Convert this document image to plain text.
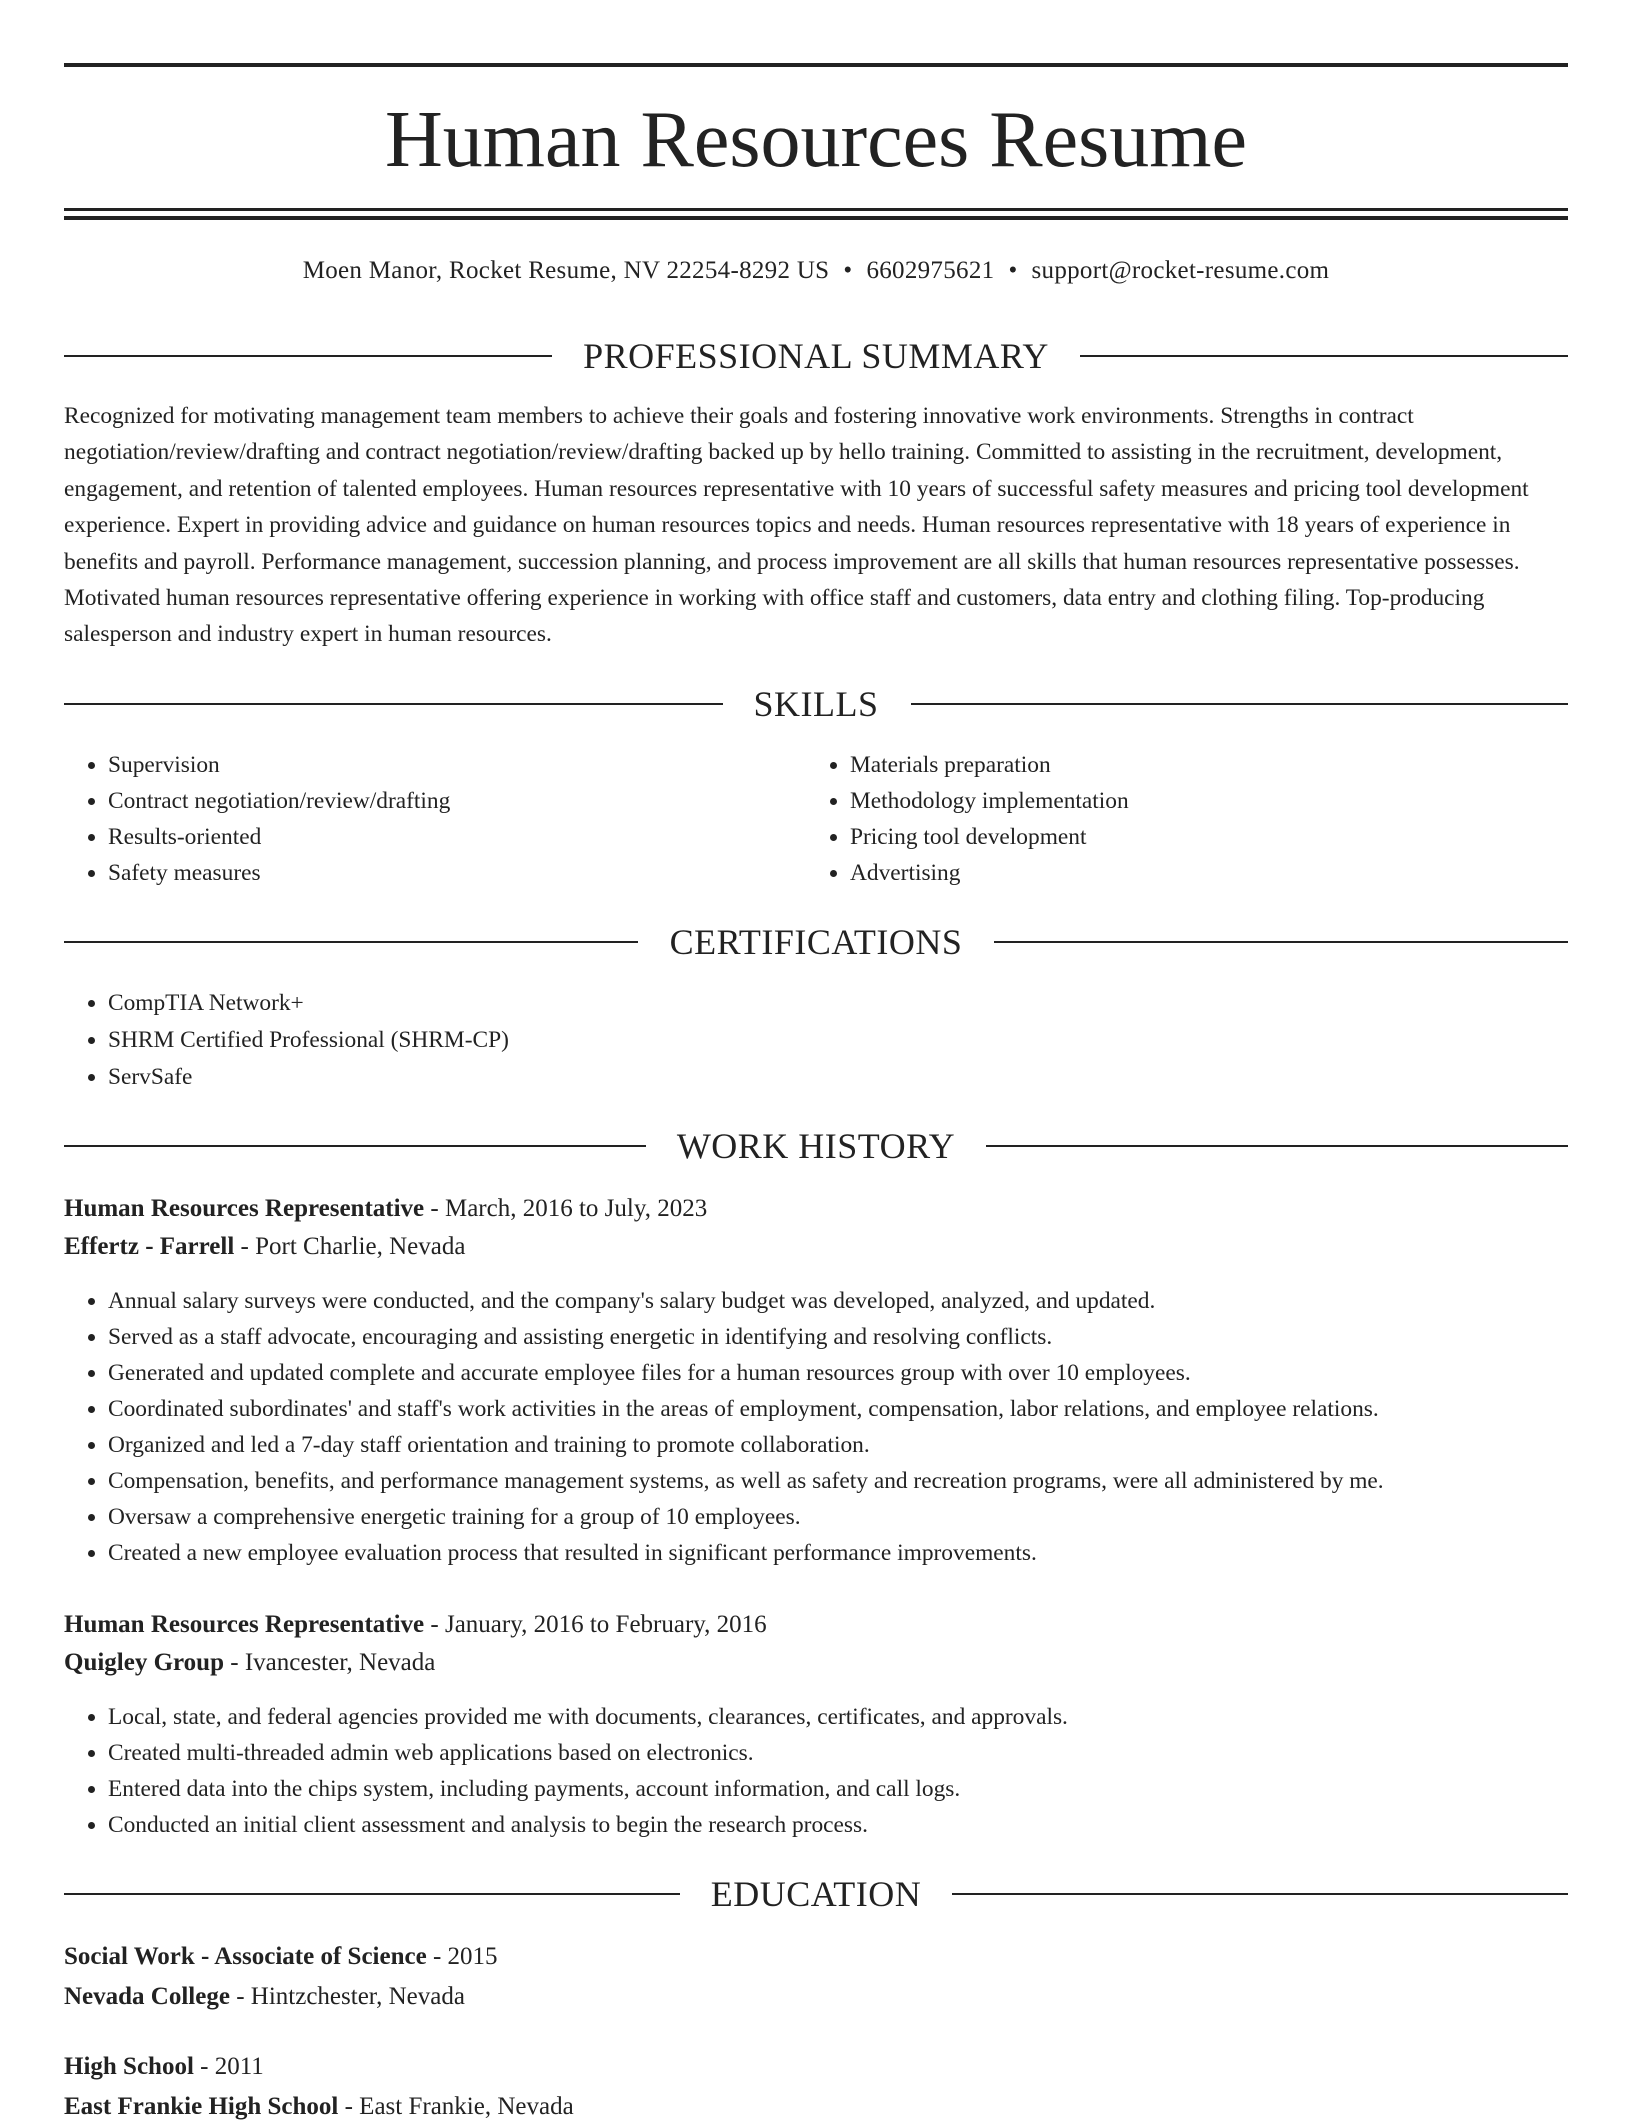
Human Resources Resume
Moen Manor, Rocket Resume, NV 22254-8292 US • 6602975621 • support@rocket-resume.com
PROFESSIONAL SUMMARY

Recognized for motivating management team members to achieve their goals and fostering innovative work environments. Strengths in contract negotiation/review/drafting and contract negotiation/review/drafting backed up by hello training. Committed to assisting in the recruitment, development, engagement, and retention of talented employees. Human resources representative with 10 years of successful safety measures and pricing tool development experience. Expert in providing advice and guidance on human resources topics and needs. Human resources representative with 18 years of experience in benefits and payroll. Performance management, succession planning, and process improvement are all skills that human resources representative possesses. Motivated human resources representative offering experience in working with office staff and customers, data entry and clothing filing. Top-producing salesperson and industry expert in human resources.

SKILLS
• Supervision
• Contract negotiation/review/drafting
• Results-oriented
• Safety measures
• Materials preparation
• Methodology implementation
• Pricing tool development
• Advertising
CERTIFICATIONS
• CompTIA Network+
• SHRM Certified Professional (SHRM-CP)
• ServSafe
WORK HISTORY
Human Resources Representative - March, 2016 to July, 2023
Effertz - Farrell - Port Charlie, Nevada
• Annual salary surveys were conducted, and the company's salary budget was developed, analyzed, and updated.
• Served as a staff advocate, encouraging and assisting energetic in identifying and resolving conflicts.
• Generated and updated complete and accurate employee files for a human resources group with over 10 employees.
• Coordinated subordinates' and staff's work activities in the areas of employment, compensation, labor relations, and employee relations.
• Organized and led a 7-day staff orientation and training to promote collaboration.
• Compensation, benefits, and performance management systems, as well as safety and recreation programs, were all administered by me.
• Oversaw a comprehensive energetic training for a group of 10 employees.
• Created a new employee evaluation process that resulted in significant performance improvements.
Human Resources Representative - January, 2016 to February, 2016
Quigley Group - Ivancester, Nevada
• Local, state, and federal agencies provided me with documents, clearances, certificates, and approvals.
• Created multi-threaded admin web applications based on electronics.
• Entered data into the chips system, including payments, account information, and call logs.
• Conducted an initial client assessment and analysis to begin the research process.
EDUCATION
Social Work - Associate of Science - 2015
Nevada College - Hintzchester, Nevada
High School - 2011
East Frankie High School - East Frankie, Nevada
